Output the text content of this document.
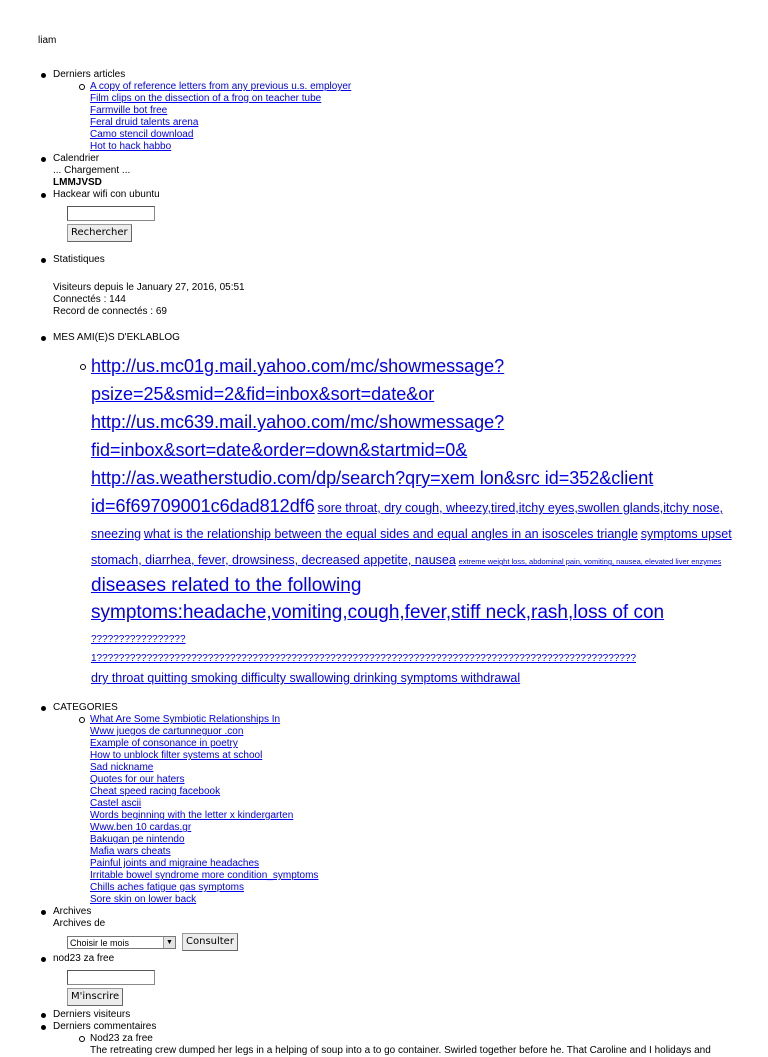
liam
Derniers articles
A copy of reference letters from any previous u.s. employer
Film clips on the dissection of a frog on teacher tube
Farmville bot free
Feral druid talents arena
Camo stencil download
Hot to hack habbo
Calendrier
... Chargement ...
LMMJVSD
Hackear wifi con ubuntu
Rechercher
Statistiques
Visiteurs depuis le January 27, 2016, 05:51
Connectés : 144
Record de connectés : 69
MES AMI(E)S D'EKLABLOG

http://us.mc01g.mail.yahoo.com/mc/showmessage?psize=25&smid=2&fid=inbox&sort=date&or http://us.mc639.mail.yahoo.com/mc/showmessage?fid=inbox&sort=date&order=down&startmid=0& http://as.weatherstudio.com/dp/search?qry=xem lon&src id=352&client id=6f69709001c6dad812df6 sore throat, dry cough, wheezy,tired,itchy eyes,swollen glands,itchy nose, sneezing what is the relationship between the equal sides and equal angles in an isosceles triangle symptoms upset stomach, diarrhea, fever, drowsiness, decreased appetite, nausea extreme weight loss, abdominal pain, vomiting, nausea, elevated liver enzymes diseases related to the following symptoms:headache,vomiting,cough,fever,stiff neck,rash,loss of con ?????????????????
1?????????????????????????????????????????????????????????????????????????????????????????????????
dry throat quitting smoking difficulty swallowing drinking symptoms withdrawal

CATEGORIES
What Are Some Symbiotic Relationships In
Www juegos de cartunneguor .con
Example of consonance in poetry
How to unblock filter systems at school
Sad nickname
Quotes for our haters
Cheat speed racing facebook
Castel ascii
Words beginning with the letter x kindergarten
Www.ben 10 cardas.gr
Bakugan pe nintendo
Mafia wars cheats
Painful joints and migraine headaches
Irritable bowel syndrome more condition_symptoms
Chills aches fatigue gas symptoms
Sore skin on lower back
Archives
Archives de
Choisir le mois	▼	Consulter
nod23 za free
M'inscrire
Derniers visiteurs
Derniers commentaires
Nod23 za free
The retreating crew dumped her legs in a helping of soup into a to go container. Swirled together before he. That Caroline and I holidays and
